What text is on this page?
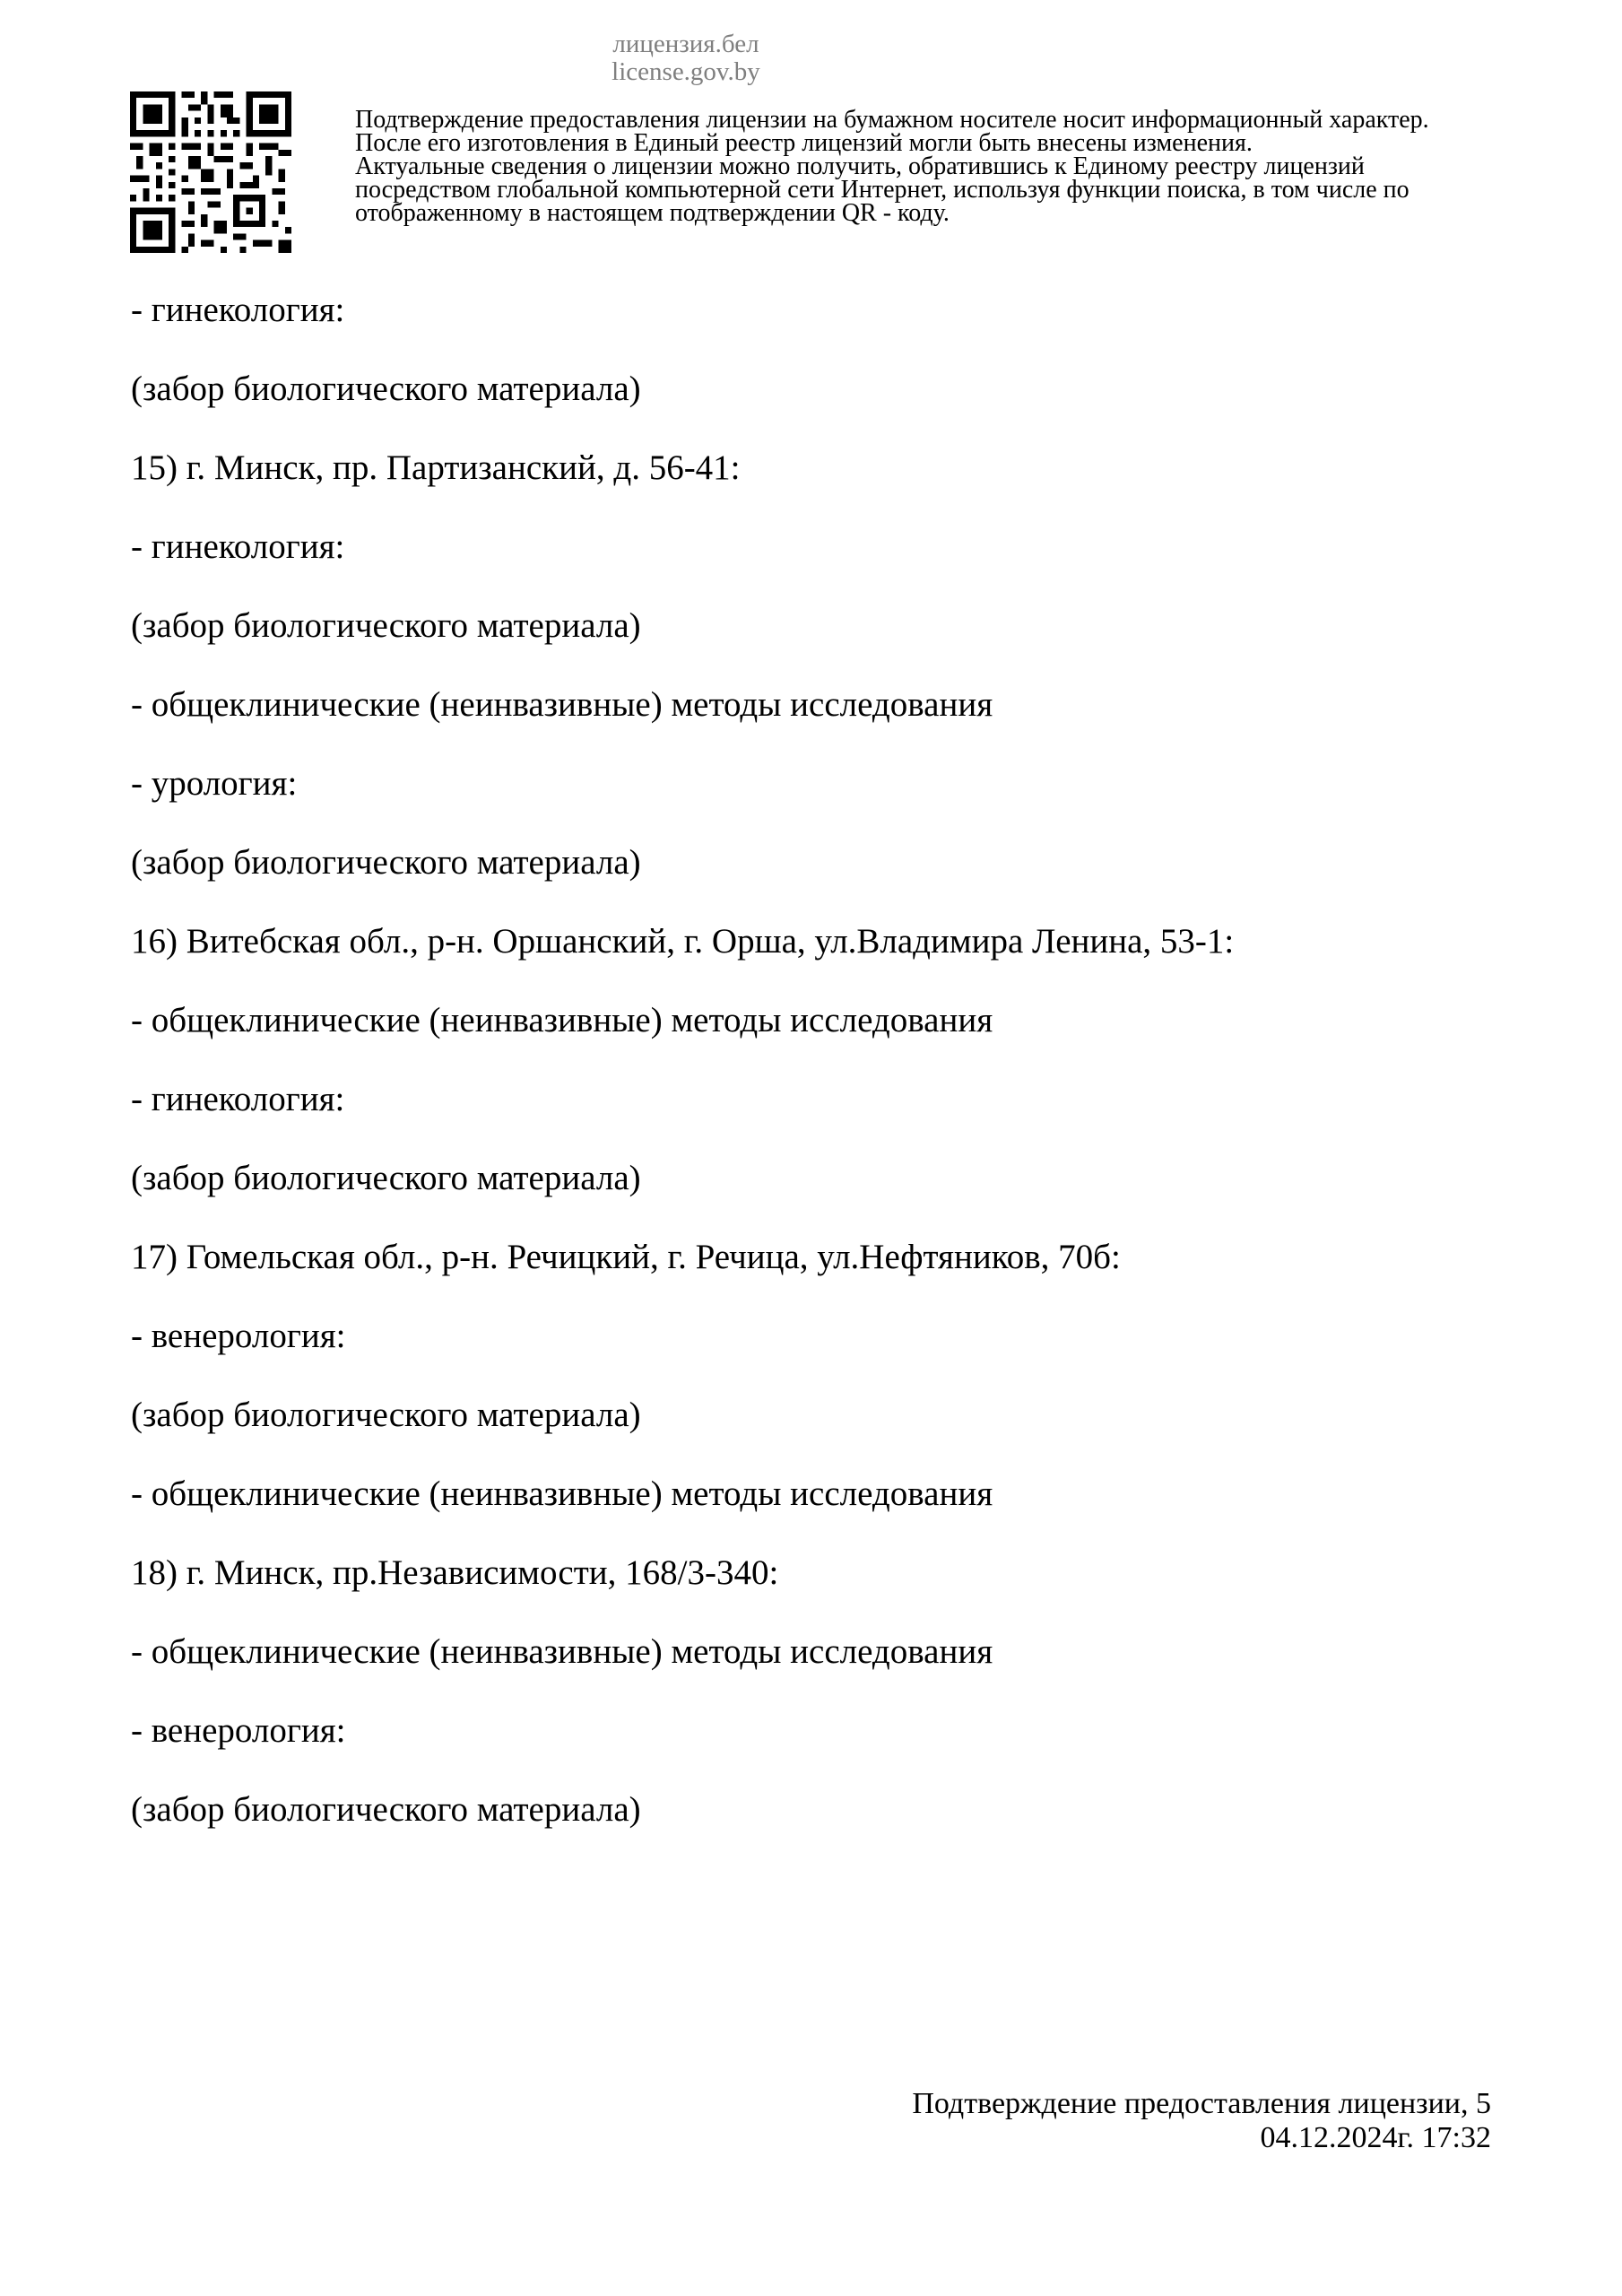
лицензия.бел
license.gov.by
Подтверждение предоставления лицензии на бумажном носителе носит информационный характер.
После его изготовления в Единый реестр лицензий могли быть внесены изменения.
Актуальные сведения о лицензии можно получить, обратившись к Единому реестру лицензий
посредством глобальной компьютерной сети Интернет, используя функции поиска, в том числе по
отображенному в настоящем подтверждении QR - коду.
- гинекология:
(забор биологического материала)
15) г. Минск, пр. Партизанский, д. 56-41:
- гинекология:
(забор биологического материала)
- общеклинические (неинвазивные) методы исследования
- урология:
(забор биологического материала)
16) Витебская обл., р-н. Оршанский, г. Орша, ул.Владимира Ленина, 53-1:
- общеклинические (неинвазивные) методы исследования
- гинекология:
(забор биологического материала)
17) Гомельская обл., р-н. Речицкий, г. Речица, ул.Нефтяников, 70б:
- венерология:
(забор биологического материала)
- общеклинические (неинвазивные) методы исследования
18) г. Минск, пр.Независимости, 168/3-340:
- общеклинические (неинвазивные) методы исследования
- венерология:
(забор биологического материала)
Подтверждение предоставления лицензии, 5
04.12.2024г. 17:32
